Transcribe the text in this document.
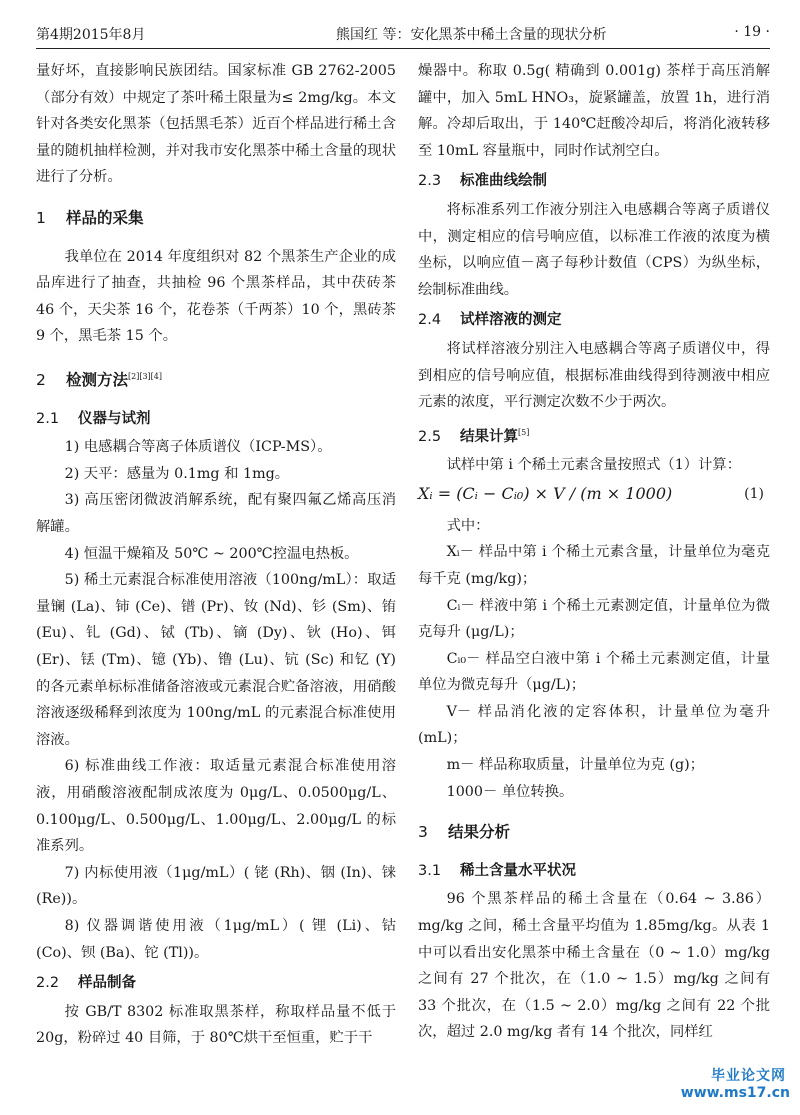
第4期2015年8月	熊国红 等：安化黑茶中稀土含量的现状分析	· 19 ·

量好坏，直接影响民族团结。国家标准 GB 2762-2005（部分有效）中规定了茶叶稀土限量为≤ 2mg/kg。本文针对各类安化黑茶（包括黑毛茶）近百个样品进行稀土含量的随机抽样检测，并对我市安化黑茶中稀土含量的现状进行了分析。

1 样品的采集

我单位在 2014 年度组织对 82 个黑茶生产企业的成品库进行了抽查，共抽检 96 个黑茶样品，其中茯砖茶 46 个，天尖茶 16 个，花卷茶（千两茶）10 个，黑砖茶 9 个，黑毛茶 15 个。

2 检测方法[2][3][4]
2.1 仪器与试剂

1) 电感耦合等离子体质谱仪（ICP-MS）。

2) 天平：感量为 0.1mg 和 1mg。

3) 高压密闭微波消解系统，配有聚四氟乙烯高压消解罐。

4) 恒温干燥箱及 50℃ ~ 200℃控温电热板。

5) 稀土元素混合标准使用溶液（100ng/mL）：取适量镧 (La)、铈 (Ce)、镨 (Pr)、钕 (Nd)、钐 (Sm)、铕 (Eu)、钆 (Gd)、铽 (Tb)、镝 (Dy)、钬 (Ho)、铒 (Er)、铥 (Tm)、镱 (Yb)、镥 (Lu)、钪 (Sc) 和钇 (Y) 的各元素单标标准储备溶液或元素混合贮备溶液，用硝酸溶液逐级稀释到浓度为 100ng/mL 的元素混合标准使用溶液。

6) 标准曲线工作液：取适量元素混合标准使用溶液，用硝酸溶液配制成浓度为 0μg/L、0.0500μg/L、0.100μg/L、0.500μg/L、1.00μg/L、2.00μg/L 的标准系列。

7) 内标使用液（1μg/mL）( 铑 (Rh)、铟 (In)、铼 (Re))。

8) 仪器调谐使用液（1μg/mL）( 锂 (Li)、钴 (Co)、钡 (Ba)、铊 (Tl))。

2.2 样品制备

按 GB/T 8302 标准取黑茶样，称取样品量不低于 20g，粉碎过 40 目筛，于 80℃烘干至恒重，贮于干

燥器中。称取 0.5g( 精确到 0.001g) 茶样于高压消解罐中，加入 5mL HNO₃，旋紧罐盖，放置 1h，进行消解。冷却后取出，于 140℃赶酸冷却后，将消化液转移至 10mL 容量瓶中，同时作试剂空白。

2.3 标准曲线绘制

将标准系列工作液分别注入电感耦合等离子质谱仪中，测定相应的信号响应值，以标准工作液的浓度为横坐标，以响应值－离子每秒计数值（CPS）为纵坐标，绘制标准曲线。

2.4 试样溶液的测定

将试样溶液分别注入电感耦合等离子质谱仪中，得到相应的信号响应值，根据标准曲线得到待测液中相应元素的浓度，平行测定次数不少于两次。

2.5 结果计算[5]

试样中第 i 个稀土元素含量按照式（1）计算：

Xᵢ = (Cᵢ − Cᵢ₀) × V / (m × 1000)	(1)

式中：

Xᵢ－ 样品中第 i 个稀土元素含量，计量单位为毫克每千克 (mg/kg)；

Cᵢ－ 样液中第 i 个稀土元素测定值，计量单位为微克每升 (μg/L)；

Cᵢ₀－ 样品空白液中第 i 个稀土元素测定值，计量单位为微克每升（μg/L)；

V－ 样品消化液的定容体积，计量单位为毫升 (mL)；

m－ 样品称取质量，计量单位为克 (g)；

1000－ 单位转换。

3 结果分析
3.1 稀土含量水平状况

96 个黑茶样品的稀土含量在（0.64 ~ 3.86）mg/kg 之间，稀土含量平均值为 1.85mg/kg。从表 1 中可以看出安化黑茶中稀土含量在（0 ~ 1.0）mg/kg 之间有 27 个批次，在（1.0 ~ 1.5）mg/kg 之间有 33 个批次，在（1.5 ~ 2.0）mg/kg 之间有 22 个批次，超过 2.0 mg/kg 者有 14 个批次，同样红

毕业论文网
www.ms17.cn
